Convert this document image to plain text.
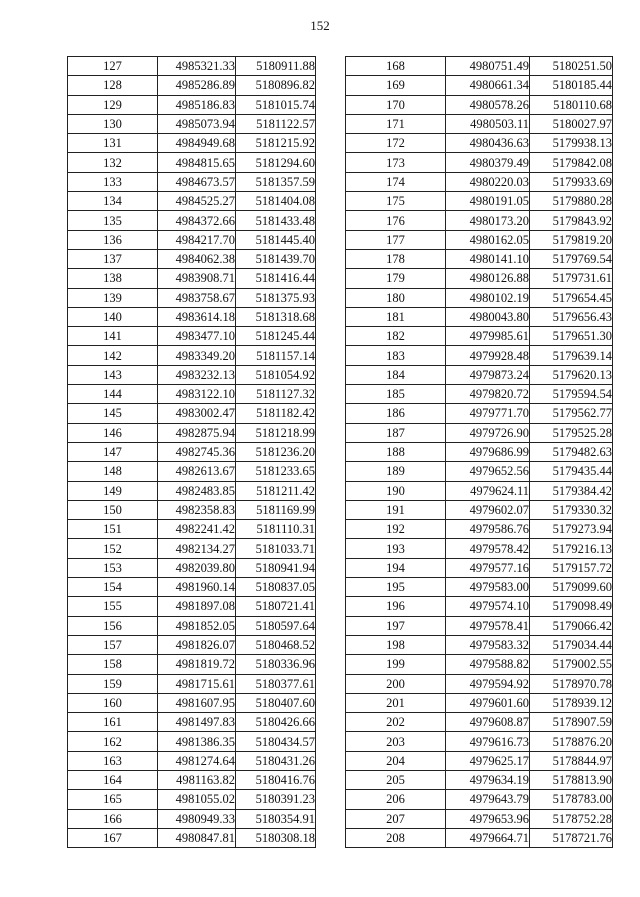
152
127	4985321.33	5180911.88
128	4985286.89	5180896.82
129	4985186.83	5181015.74
130	4985073.94	5181122.57
131	4984949.68	5181215.92
132	4984815.65	5181294.60
133	4984673.57	5181357.59
134	4984525.27	5181404.08
135	4984372.66	5181433.48
136	4984217.70	5181445.40
137	4984062.38	5181439.70
138	4983908.71	5181416.44
139	4983758.67	5181375.93
140	4983614.18	5181318.68
141	4983477.10	5181245.44
142	4983349.20	5181157.14
143	4983232.13	5181054.92
144	4983122.10	5181127.32
145	4983002.47	5181182.42
146	4982875.94	5181218.99
147	4982745.36	5181236.20
148	4982613.67	5181233.65
149	4982483.85	5181211.42
150	4982358.83	5181169.99
151	4982241.42	5181110.31
152	4982134.27	5181033.71
153	4982039.80	5180941.94
154	4981960.14	5180837.05
155	4981897.08	5180721.41
156	4981852.05	5180597.64
157	4981826.07	5180468.52
158	4981819.72	5180336.96
159	4981715.61	5180377.61
160	4981607.95	5180407.60
161	4981497.83	5180426.66
162	4981386.35	5180434.57
163	4981274.64	5180431.26
164	4981163.82	5180416.76
165	4981055.02	5180391.23
166	4980949.33	5180354.91
167	4980847.81	5180308.18
168	4980751.49	5180251.50
169	4980661.34	5180185.44
170	4980578.26	5180110.68
171	4980503.11	5180027.97
172	4980436.63	5179938.13
173	4980379.49	5179842.08
174	4980220.03	5179933.69
175	4980191.05	5179880.28
176	4980173.20	5179843.92
177	4980162.05	5179819.20
178	4980141.10	5179769.54
179	4980126.88	5179731.61
180	4980102.19	5179654.45
181	4980043.80	5179656.43
182	4979985.61	5179651.30
183	4979928.48	5179639.14
184	4979873.24	5179620.13
185	4979820.72	5179594.54
186	4979771.70	5179562.77
187	4979726.90	5179525.28
188	4979686.99	5179482.63
189	4979652.56	5179435.44
190	4979624.11	5179384.42
191	4979602.07	5179330.32
192	4979586.76	5179273.94
193	4979578.42	5179216.13
194	4979577.16	5179157.72
195	4979583.00	5179099.60
196	4979574.10	5179098.49
197	4979578.41	5179066.42
198	4979583.32	5179034.44
199	4979588.82	5179002.55
200	4979594.92	5178970.78
201	4979601.60	5178939.12
202	4979608.87	5178907.59
203	4979616.73	5178876.20
204	4979625.17	5178844.97
205	4979634.19	5178813.90
206	4979643.79	5178783.00
207	4979653.96	5178752.28
208	4979664.71	5178721.76
